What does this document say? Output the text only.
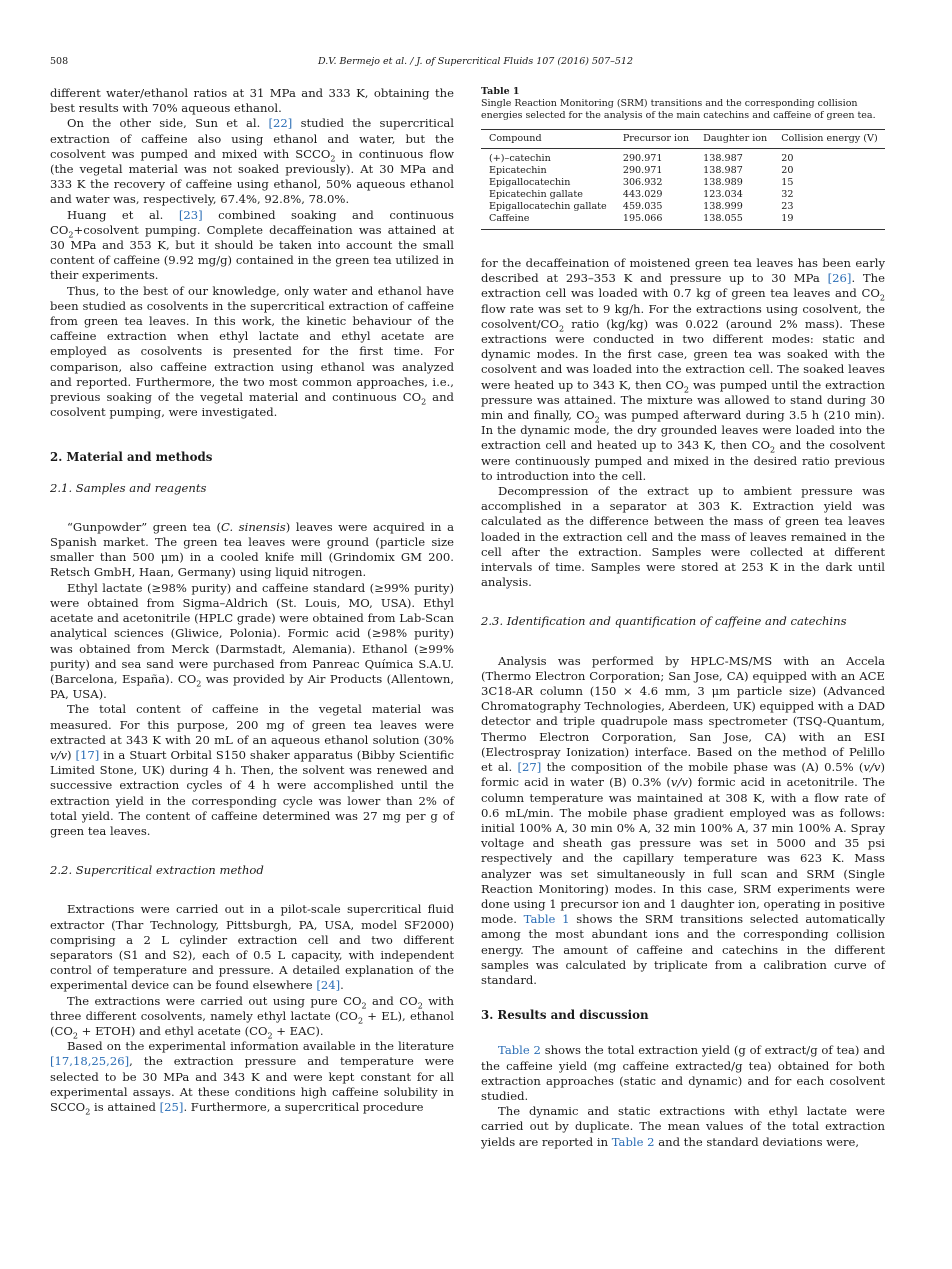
508	D.V. Bermejo et al. / J. of Supercritical Fluids 107 (2016) 507–512

different water/ethanol ratios at 31 MPa and 333 K, obtaining the best results with 70% aqueous ethanol.

On the other side, Sun et al. [22] studied the supercritical extraction of caffeine also using ethanol and water, but the cosolvent was pumped and mixed with $SCCO_2$ in continuous flow (the vegetal material was not soaked previously). At 30 MPa and 333 K the recovery of caffeine using ethanol, 50% aqueous ethanol and water was, respectively, 67.4%, 92.8%, 78.0%.

Huang et al. [23] combined soaking and continuous $CO_2+cosolvent$ pumping. Complete decaffeination was attained at 30 MPa and 353 K, but it should be taken into account the small content of caffeine (9.92 mg/g) contained in the green tea utilized in their experiments.

Thus, to the best of our knowledge, only water and ethanol have been studied as cosolvents in the supercritical extraction of caffeine from green tea leaves. In this work, the kinetic behaviour of the caffeine extraction when ethyl lactate and ethyl acetate are employed as cosolvents is presented for the first time. For comparison, also caffeine extraction using ethanol was analyzed and reported. Furthermore, the two most common approaches, i.e., previous soaking of the vegetal material and continuous $CO_2$ and cosolvent pumping, were investigated.

2. Material and methods

2.1. Samples and reagents

“Gunpowder” green tea (C. sinensis) leaves were acquired in a Spanish market. The green tea leaves were ground (particle size smaller than 500 μm) in a cooled knife mill (Grindomix GM 200. Retsch GmbH, Haan, Germany) using liquid nitrogen.

Ethyl lactate (≥98% purity) and caffeine standard (≥99% purity) were obtained from Sigma–Aldrich (St. Louis, MO, USA). Ethyl acetate and acetonitrile (HPLC grade) were obtained from Lab-Scan analytical sciences (Gliwice, Polonia). Formic acid (≥98% purity) was obtained from Merck (Darmstadt, Alemania). Ethanol (≥99% purity) and sea sand were purchased from Panreac Química S.A.U. (Barcelona, España). $CO_2$ was provided by Air Products (Allentown, PA, USA).

The total content of caffeine in the vegetal material was measured. For this purpose, 200 mg of green tea leaves were extracted at 343 K with 20 mL of an aqueous ethanol solution (30% v/v) [17] in a Stuart Orbital S150 shaker apparatus (Bibby Scientific Limited Stone, UK) during 4 h. Then, the solvent was renewed and successive extraction cycles of 4 h were accomplished until the extraction yield in the corresponding cycle was lower than 2% of total yield. The content of caffeine determined was 27 mg per g of green tea leaves.

2.2. Supercritical extraction method

Extractions were carried out in a pilot-scale supercritical fluid extractor (Thar Technology, Pittsburgh, PA, USA, model SF2000) comprising a 2 L cylinder extraction cell and two different separators (S1 and S2), each of 0.5 L capacity, with independent control of temperature and pressure. A detailed explanation of the experimental device can be found elsewhere [24].

The extractions were carried out using pure $CO_2$ and $CO_2$ with three different cosolvents, namely ethyl lactate $(CO_2 + EL)$, ethanol ($CO_2$ + ETOH) and ethyl acetate $(CO_2 + EAC)$.

Based on the experimental information available in the literature [17,18,25,26], the extraction pressure and temperature were selected to be 30 MPa and 343 K and were kept constant for all experimental assays. At these conditions high caffeine solubility in $SCCO_2$ is attained [25]. Furthermore, a supercritical procedure

Table 1
Single Reaction Monitoring (SRM) transitions and the corresponding collision energies selected for the analysis of the main catechins and caffeine of green tea.
Compound	Precursor ion	Daughter ion	Collision energy (V)
(+)–catechin	290.971	138.987	20
Epicatechin	290.971	138.987	20
Epigallocatechin	306.932	138.989	15
Epicatechin gallate	443.029	123.034	32
Epigallocatechin gallate	459.035	138.999	23
Caffeine	195.066	138.055	19

for the decaffeination of moistened green tea leaves has been early described at 293–353 K and pressure up to 30 MPa [26]. The extraction cell was loaded with 0.7 kg of green tea leaves and $CO_2$ flow rate was set to 9 kg/h. For the extractions using cosolvent, the cosolvent/$CO_2$ ratio (kg/kg) was 0.022 (around 2% mass). These extractions were conducted in two different modes: static and dynamic modes. In the first case, green tea was soaked with the cosolvent and was loaded into the extraction cell. The soaked leaves were heated up to 343 K, then $CO_2$ was pumped until the extraction pressure was attained. The mixture was allowed to stand during 30 min and finally, $CO_2$ was pumped afterward during 3.5 h (210 min). In the dynamic mode, the dry grounded leaves were loaded into the extraction cell and heated up to 343 K, then $CO_2$ and the cosolvent were continuously pumped and mixed in the desired ratio previous to introduction into the cell.

Decompression of the extract up to ambient pressure was accomplished in a separator at 303 K. Extraction yield was calculated as the difference between the mass of green tea leaves loaded in the extraction cell and the mass of leaves remained in the cell after the extraction. Samples were collected at different intervals of time. Samples were stored at 253 K in the dark until analysis.

2.3. Identification and quantification of caffeine and catechins

Analysis was performed by HPLC-MS/MS with an Accela (Thermo Electron Corporation; San Jose, CA) equipped with an ACE 3C18-AR column (150 × 4.6 mm, 3 μm particle size) (Advanced Chromatography Technologies, Aberdeen, UK) equipped with a DAD detector and triple quadrupole mass spectrometer (TSQ-Quantum, Thermo Electron Corporation, San Jose, CA) with an ESI (Electrospray Ionization) interface. Based on the method of Pelillo et al. [27] the composition of the mobile phase was (A) 0.5% (v/v) formic acid in water (B) 0.3% (v/v) formic acid in acetonitrile. The column temperature was maintained at 308 K, with a flow rate of 0.6 mL/min. The mobile phase gradient employed was as follows: initial 100% A, 30 min 0% A, 32 min 100% A, 37 min 100% A. Spray voltage and sheath gas pressure was set in 5000 and 35 psi respectively and the capillary temperature was 623 K. Mass analyzer was set simultaneously in full scan and SRM (Single Reaction Monitoring) modes. In this case, SRM experiments were done using 1 precursor ion and 1 daughter ion, operating in positive mode. Table 1 shows the SRM transitions selected automatically among the most abundant ions and the corresponding collision energy. The amount of caffeine and catechins in the different samples was calculated by triplicate from a calibration curve of standard.

3. Results and discussion

Table 2 shows the total extraction yield (g of extract/g of tea) and the caffeine yield (mg caffeine extracted/g tea) obtained for both extraction approaches (static and dynamic) and for each cosolvent studied.

The dynamic and static extractions with ethyl lactate were carried out by duplicate. The mean values of the total extraction yields are reported in Table 2 and the standard deviations were,
